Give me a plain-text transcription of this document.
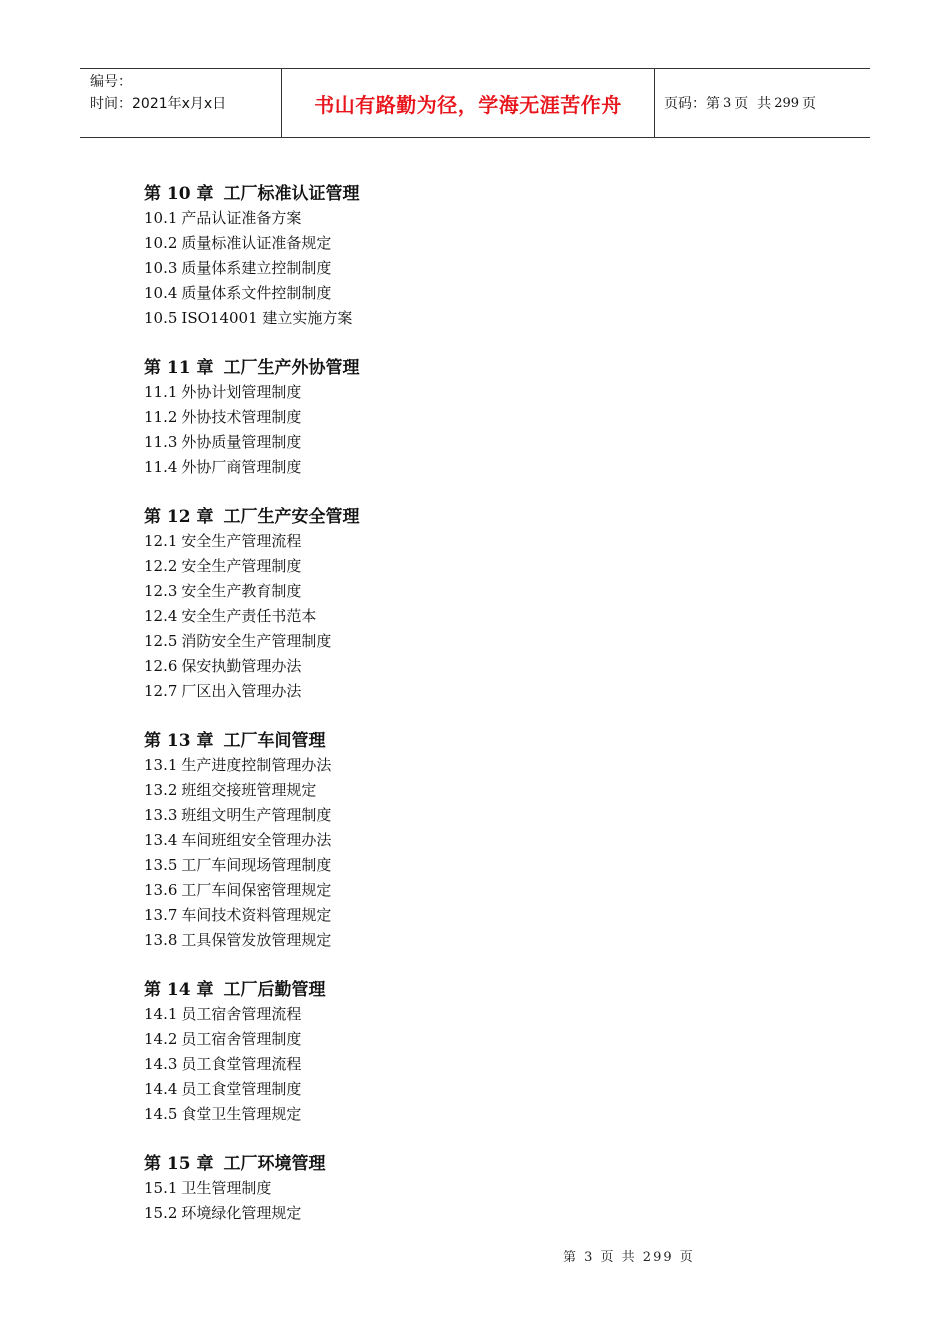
编号：
时间：2021年x月x日	书山有路勤为径，学海无涯苦作舟	页码：第 3 页  共 299 页
第 10 章 工厂标准认证管理
10.1 产品认证准备方案
10.2 质量标准认证准备规定
10.3 质量体系建立控制制度
10.4 质量体系文件控制制度
10.5 ISO14001 建立实施方案
第 11 章 工厂生产外协管理
11.1 外协计划管理制度
11.2 外协技术管理制度
11.3 外协质量管理制度
11.4 外协厂商管理制度
第 12 章 工厂生产安全管理
12.1 安全生产管理流程
12.2 安全生产管理制度
12.3 安全生产教育制度
12.4 安全生产责任书范本
12.5 消防安全生产管理制度
12.6 保安执勤管理办法
12.7 厂区出入管理办法
第 13 章 工厂车间管理
13.1 生产进度控制管理办法
13.2 班组交接班管理规定
13.3 班组文明生产管理制度
13.4 车间班组安全管理办法
13.5 工厂车间现场管理制度
13.6 工厂车间保密管理规定
13.7 车间技术资料管理规定
13.8 工具保管发放管理规定
第 14 章 工厂后勤管理
14.1 员工宿舍管理流程
14.2 员工宿舍管理制度
14.3 员工食堂管理流程
14.4 员工食堂管理制度
14.5 食堂卫生管理规定
第 15 章 工厂环境管理
15.1 卫生管理制度
15.2 环境绿化管理规定
第 3 页 共 299 页
